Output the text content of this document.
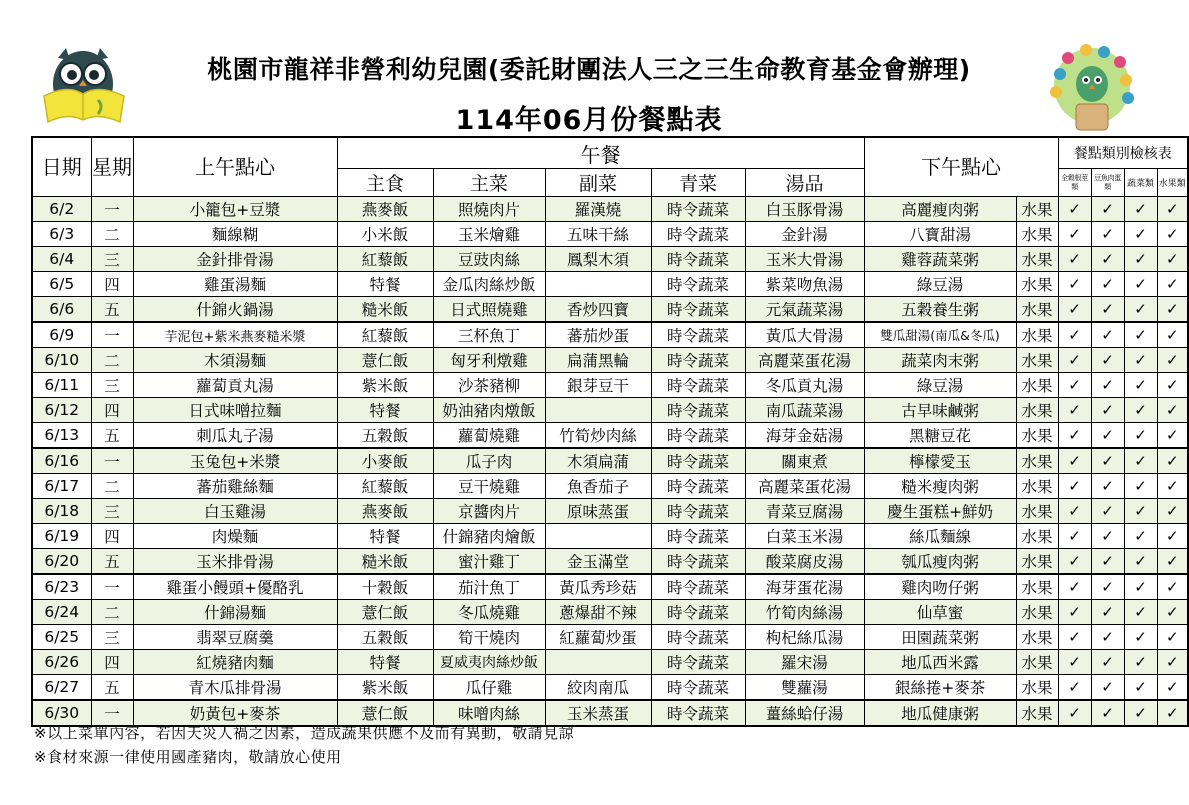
桃園市龍祥非營利幼兒園(委託財團法人三之三生命教育基金會辦理)
114年06月份餐點表
日期	星期	上午點心	午餐					下午點心		餐點類別檢核表			
			主食	主菜	副菜	青菜	湯品			全穀根莖類	豆魚肉蛋類	蔬菜類	水果類
6/2	一	小籠包+豆漿	燕麥飯	照燒肉片	羅漢燒	時令蔬菜	白玉豚骨湯	高麗瘦肉粥	水果	✓	✓	✓	✓
6/3	二	麵線糊	小米飯	玉米燴雞	五味干絲	時令蔬菜	金針湯	八寶甜湯	水果	✓	✓	✓	✓
6/4	三	金針排骨湯	紅藜飯	豆豉肉絲	鳳梨木須	時令蔬菜	玉米大骨湯	雞蓉蔬菜粥	水果	✓	✓	✓	✓
6/5	四	雞蛋湯麵	特餐	金瓜肉絲炒飯		時令蔬菜	紫菜吻魚湯	綠豆湯	水果	✓	✓	✓	✓
6/6	五	什錦火鍋湯	糙米飯	日式照燒雞	香炒四寶	時令蔬菜	元氣蔬菜湯	五穀養生粥	水果	✓	✓	✓	✓
6/9	一	芋泥包+紫米燕麥糙米漿	紅藜飯	三杯魚丁	蕃茄炒蛋	時令蔬菜	黃瓜大骨湯	雙瓜甜湯(南瓜&冬瓜)	水果	✓	✓	✓	✓
6/10	二	木須湯麵	薏仁飯	匈牙利燉雞	扁蒲黑輪	時令蔬菜	高麗菜蛋花湯	蔬菜肉末粥	水果	✓	✓	✓	✓
6/11	三	蘿蔔貢丸湯	紫米飯	沙茶豬柳	銀芽豆干	時令蔬菜	冬瓜貢丸湯	綠豆湯	水果	✓	✓	✓	✓
6/12	四	日式味噌拉麵	特餐	奶油豬肉燉飯		時令蔬菜	南瓜蔬菜湯	古早味鹹粥	水果	✓	✓	✓	✓
6/13	五	刺瓜丸子湯	五穀飯	蘿蔔燒雞	竹筍炒肉絲	時令蔬菜	海芽金菇湯	黑糖豆花	水果	✓	✓	✓	✓
6/16	一	玉兔包+米漿	小麥飯	瓜子肉	木須扁蒲	時令蔬菜	關東煮	檸檬愛玉	水果	✓	✓	✓	✓
6/17	二	蕃茄雞絲麵	紅藜飯	豆干燒雞	魚香茄子	時令蔬菜	高麗菜蛋花湯	糙米瘦肉粥	水果	✓	✓	✓	✓
6/18	三	白玉雞湯	燕麥飯	京醬肉片	原味蒸蛋	時令蔬菜	青菜豆腐湯	慶生蛋糕+鮮奶	水果	✓	✓	✓	✓
6/19	四	肉燥麵	特餐	什錦豬肉燴飯		時令蔬菜	白菜玉米湯	絲瓜麵線	水果	✓	✓	✓	✓
6/20	五	玉米排骨湯	糙米飯	蜜汁雞丁	金玉滿堂	時令蔬菜	酸菜腐皮湯	瓠瓜瘦肉粥	水果	✓	✓	✓	✓
6/23	一	雞蛋小饅頭+優酪乳	十穀飯	茄汁魚丁	黃瓜秀珍菇	時令蔬菜	海芽蛋花湯	雞肉吻仔粥	水果	✓	✓	✓	✓
6/24	二	什錦湯麵	薏仁飯	冬瓜燒雞	蔥爆甜不辣	時令蔬菜	竹筍肉絲湯	仙草蜜	水果	✓	✓	✓	✓
6/25	三	翡翠豆腐羹	五穀飯	筍干燒肉	紅蘿蔔炒蛋	時令蔬菜	枸杞絲瓜湯	田園蔬菜粥	水果	✓	✓	✓	✓
6/26	四	紅燒豬肉麵	特餐	夏威夷肉絲炒飯		時令蔬菜	羅宋湯	地瓜西米露	水果	✓	✓	✓	✓
6/27	五	青木瓜排骨湯	紫米飯	瓜仔雞	絞肉南瓜	時令蔬菜	雙蘿湯	銀絲捲+麥茶	水果	✓	✓	✓	✓
6/30	一	奶黃包+麥茶	薏仁飯	味噌肉絲	玉米蒸蛋	時令蔬菜	薑絲蛤仔湯	地瓜健康粥	水果	✓	✓	✓	✓
※以上菜單內容，若因天災人禍之因素，造成蔬果供應不及而有異動，敬請見諒
※食材來源一律使用國產豬肉，敬請放心使用
